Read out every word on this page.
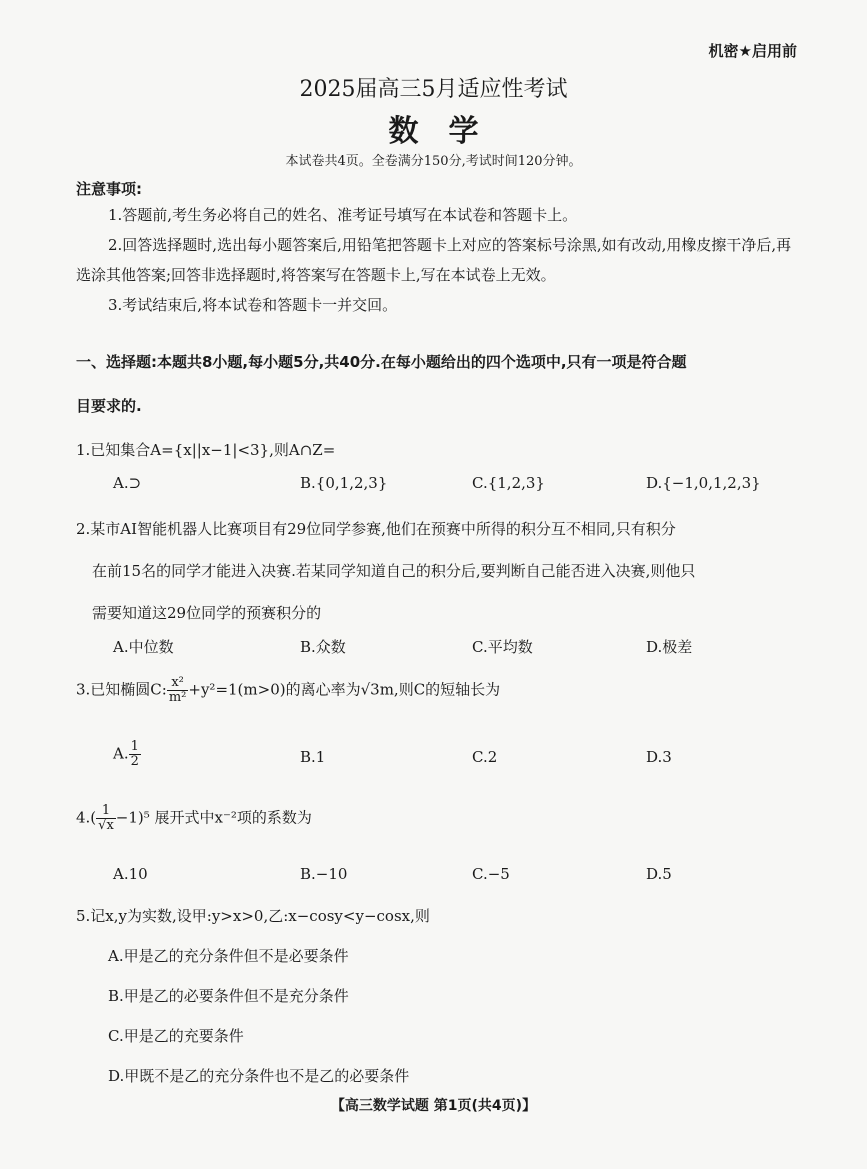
机密★启用前
2025届高三5月适应性考试
数学
本试卷共4页。全卷满分150分,考试时间120分钟。
注意事项:

1.答题前,考生务必将自己的姓名、准考证号填写在本试卷和答题卡上。

2.回答选择题时,选出每小题答案后,用铅笔把答题卡上对应的答案标号涂黑,如有改动,用橡皮擦干净后,再选涂其他答案;回答非选择题时,将答案写在答题卡上,写在本试卷上无效。

3.考试结束后,将本试卷和答题卡一并交回。

一、选择题:本题共8小题,每小题5分,共40分.在每小题给出的四个选项中,只有一项是符合题
目要求的.
1.已知集合A={x||x−1|<3},则A∩Z=
A.⊃	B.{0,1,2,3}	C.{1,2,3}	D.{−1,0,1,2,3}
2.某市AI智能机器人比赛项目有29位同学参赛,他们在预赛中所得的积分互不相同,只有积分
在前15名的同学才能进入决赛.若某同学知道自己的积分后,要判断自己能否进入决赛,则他只
需要知道这29位同学的预赛积分的
A.中位数	B.众数	C.平均数	D.极差
3.已知椭圆C: $\frac{\text{x²}}{\text{m²}} +y^2=1(m>0)$的离心率为√3m,则C的短轴长为
A. $\frac{1}{2}$	B.1	C.2	D.3
$4.( \frac{1}{√x} -1)^5$ 展开式中x⁻²项的系数为
A.10	B.−10	C.−5	D.5
5.记x,y为实数,设甲:y>x>0,乙:x−cosy<y−cosx,则
A.甲是乙的充分条件但不是必要条件
B.甲是乙的必要条件但不是充分条件
C.甲是乙的充要条件
D.甲既不是乙的充分条件也不是乙的必要条件
【高三数学试题 第1页(共4页)】
